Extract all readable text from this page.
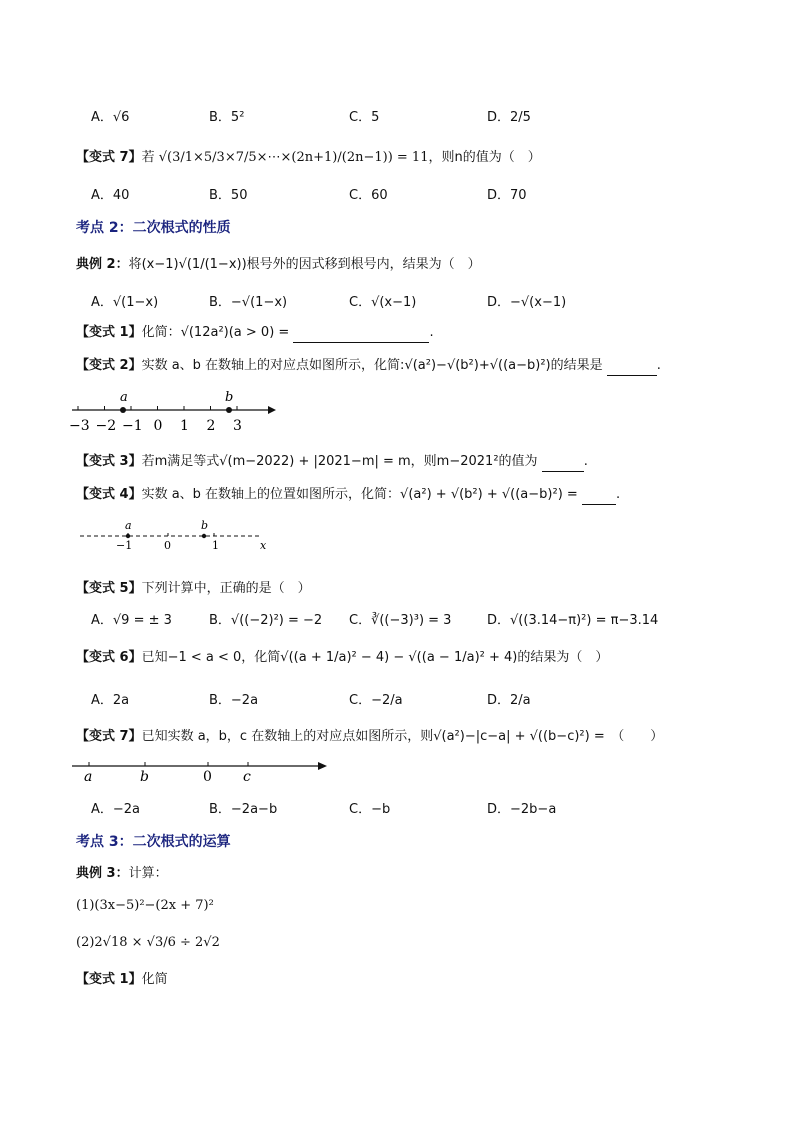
A．√6	B．5²	C．5	D．2/5
【变式 7】若 √(3/1×5/3×7/5×⋯×(2n+1)/(2n−1)) = 11，则n的值为（　）
A．40	B．50	C．60	D．70
考点 2：二次根式的性质
典例 2：将(x−1)√(1/(1−x))根号外的因式移到根号内，结果为（　）
A．√(1−x)	B．−√(1−x)	C．√(x−1)	D．−√(x−1)
【变式 1】化简：√(12a²)(a > 0) =	.
【变式 2】实数 a、b 在数轴上的对应点如图所示，化简:√(a²)−√(b²)+√((a−b)²)的结果是	.
−3 −2 −1 0 1 2 3
a	b
【变式 3】若m满足等式√(m−2022) + |2021−m| = m，则m−2021²的值为	.
【变式 4】实数 a、b 在数轴上的位置如图所示，化简：√(a²) + √(b²) + √((a−b)²) =	.
a	b
−1	0	1	x
【变式 5】下列计算中，正确的是（　）
A．√9 = ± 3	B．√((−2)²) = −2 C．∛((−3)³) = 3	D．√((3.14−π)²) = π−3.14
【变式 6】已知−1 < a < 0，化简√((a + 1/a)² − 4) − √((a − 1/a)² + 4)的结果为（　）
A．2a	B．−2a	C．−2/a	D．2/a
【变式 7】已知实数 a，b，c 在数轴上的对应点如图所示，则√(a²)−|c−a| + √((b−c)²) =　（　　）
a	b	0 c
A．−2a	B．−2a−b	C．−b	D．−2b−a
考点 3：二次根式的运算
典例 3：计算：
(1)(3x−5)²−(2x + 7)²
(2)2√18 × √3/6 ÷ 2√2
【变式 1】化简
